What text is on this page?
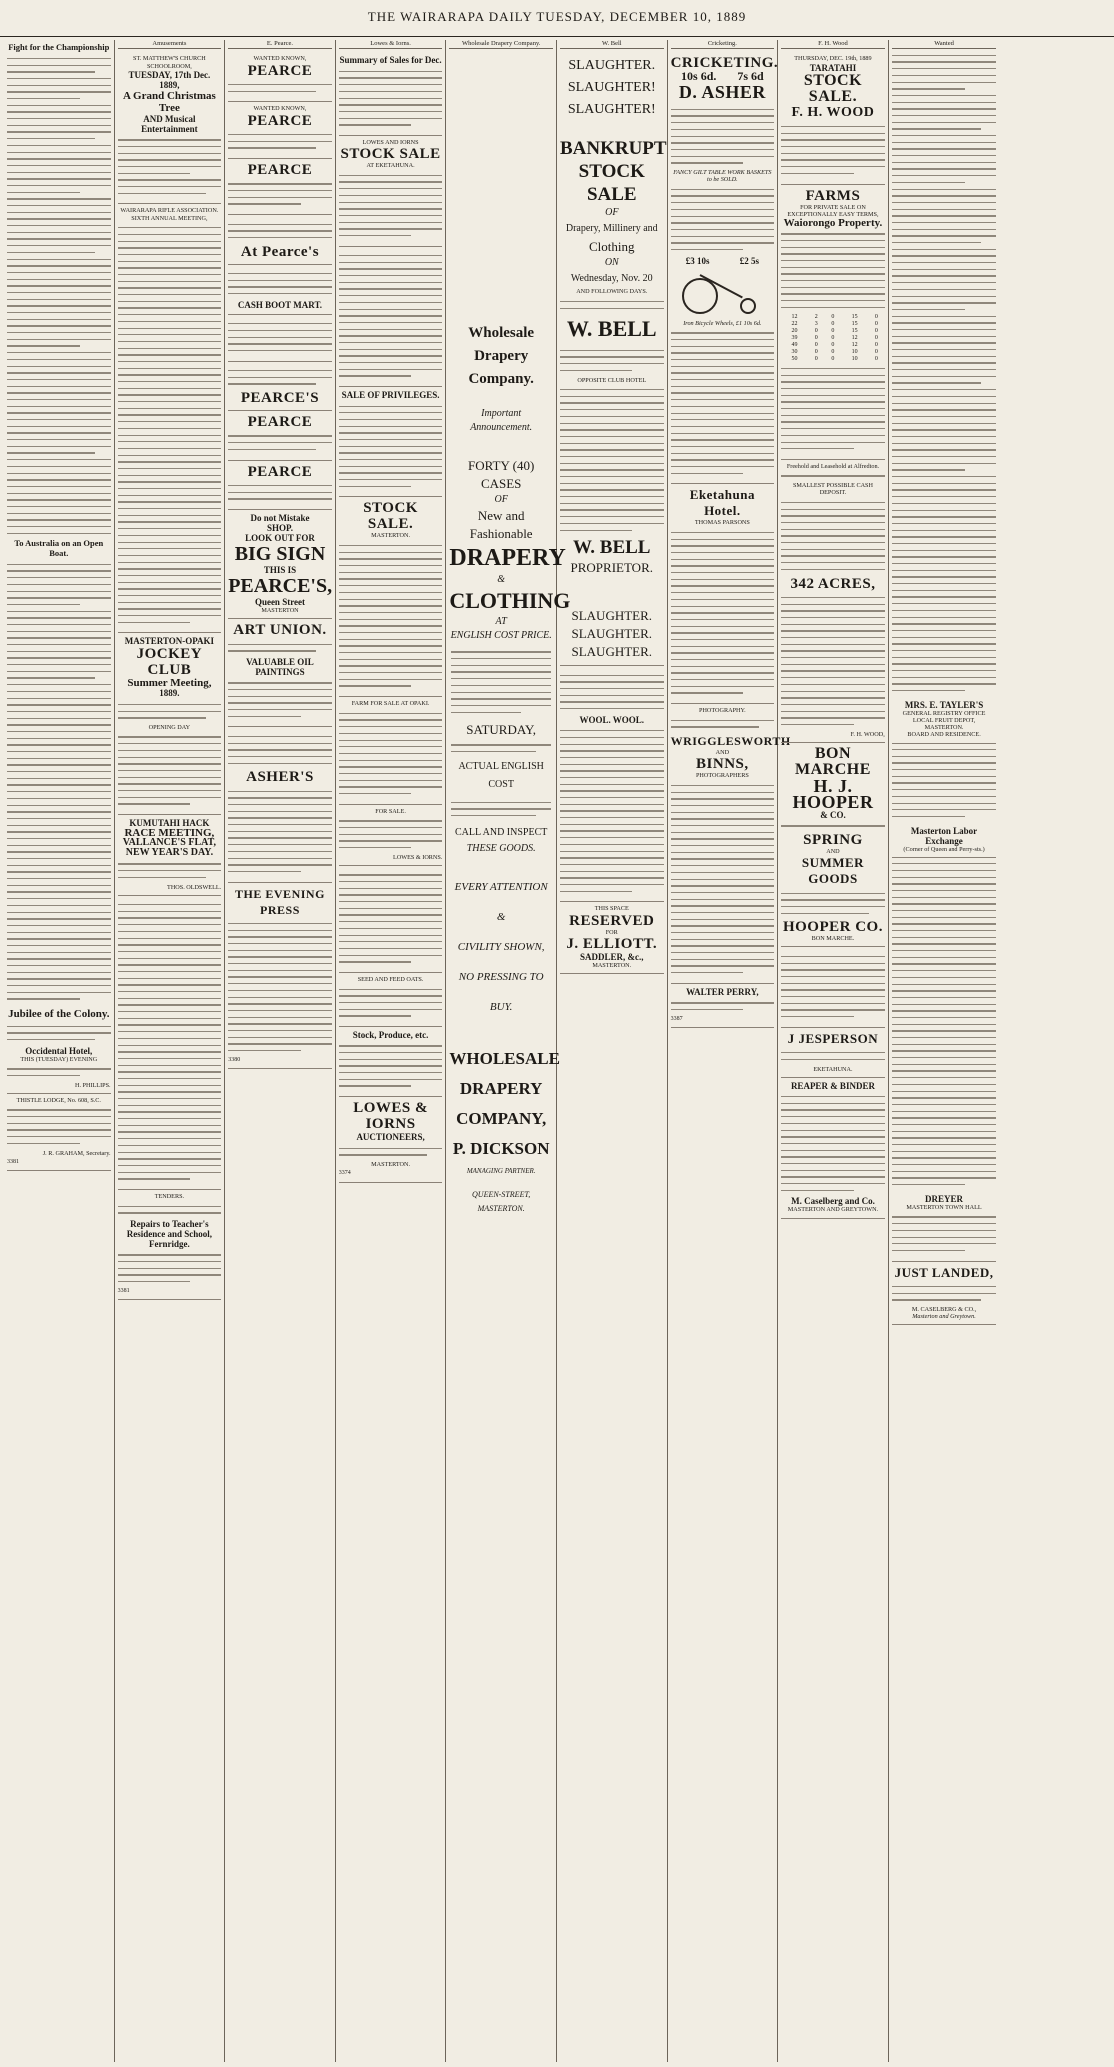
THE WAIRARAPA DAILY TUESDAY, DECEMBER 10, 1889
Fight for the Championship
To Australia on an Open Boat.
Jubilee of the Colony.
Occidental Hotel,
THIS (TUESDAY) EVENING
H. PHILLIPS.
THISTLE LODGE, No. 608, S.C.
J. R. GRAHAM, Secretary.
3381
Amusements
ST. MATTHEW'S CHURCH SCHOOLROOM,
TUESDAY, 17th Dec. 1889,
A Grand Christmas Tree
AND Musical Entertainment
WAIRARAPA RIFLE ASSOCIATION.
SIXTH ANNUAL MEETING,
MASTERTON-OPAKI
JOCKEY CLUB
Summer Meeting,
1889.
OPENING DAY
KUMUTAHI HACK
RACE MEETING,
VALLANCE'S FLAT,
NEW YEAR'S DAY.
THOS. OLDSWELL.
TENDERS.
Repairs to Teacher's Residence and School, Fernridge.
3381
E. Pearce.
WANTED KNOWN,
PEARCE
WANTED KNOWN,
PEARCE
PEARCE
At Pearce's
CASH BOOT MART.
PEARCE'S
PEARCE
PEARCE
Do not Mistake
SHOP.
LOOK OUT FOR
BIG SIGN
THIS IS
PEARCE'S,
Queen Street
MASTERTON
ART UNION.
VALUABLE OIL PAINTINGS
ASHER'S
THE EVENING PRESS
3380
Lowes & Iorns.
Summary of Sales for Dec.
LOWES AND IORNS
STOCK SALE
AT EKETAHUNA.
SALE OF PRIVILEGES.
STOCK SALE.
MASTERTON.
FARM FOR SALE AT OPAKI.
FOR SALE.
LOWES & IORNS.
SEED AND FEED OATS.
Stock, Produce, etc.
LOWES & IORNS
AUCTIONEERS,
MASTERTON.
3374
Wholesale Drapery Company.
Wholesale Drapery
Company.
Important Announcement.
FORTY (40) CASES
OF
New and Fashionable
DRAPERY
&
CLOTHING
AT
ENGLISH COST PRICE.
SATURDAY,
ACTUAL ENGLISH COST
CALL AND INSPECT
THESE GOODS.
EVERY ATTENTION &
CIVILITY SHOWN,
NO PRESSING TO BUY.
WHOLESALE
DRAPERY
COMPANY,
P. DICKSON
MANAGING PARTNER.
QUEEN-STREET,
MASTERTON.
W. Bell
SLAUGHTER.
SLAUGHTER!
SLAUGHTER!
BANKRUPT
STOCK SALE
OF
Drapery, Millinery and
Clothing
ON
Wednesday, Nov. 20
AND FOLLOWING DAYS.
W. BELL
OPPOSITE CLUB HOTEL
W. BELL
PROPRIETOR.
SLAUGHTER.
SLAUGHTER.
SLAUGHTER.
WOOL. WOOL.
THIS SPACE
RESERVED
FOR
J. ELLIOTT.
SADDLER, &c.,
MASTERTON.
Cricketing.
CRICKETING.
10s 6d. 7s 6d
D. ASHER
FANCY GILT TABLE WORK BASKETS to be SOLD.
£3 10s	£2 5s
Iron Bicycle Wheels, £1 10s 6d.
Eketahuna Hotel.
THOMAS PARSONS
PHOTOGRAPHY.
WRIGGLESWORTH
AND
BINNS,
PHOTOGRAPHERS
WALTER PERRY,
3387
F. H. Wood
THURSDAY, DEC. 19th, 1889
TARATAHI
STOCK SALE.
F. H. WOOD
FARMS
FOR PRIVATE SALE ON EXCEPTIONALLY EASY TERMS,
Waiorongo Property.
12	2	0	15	0
22	3	0	15	0
20	0	0	15	0
39	0	0	12	0
49	0	0	12	0
30	0	0	10	0
50	0	0	10	0
Freehold and Leasehold at Alfredton.
SMALLEST POSSIBLE CASH DEPOSIT.
342 ACRES,
F. H. WOOD,
BON MARCHE
H. J. HOOPER
& CO.
SPRING
AND
SUMMER GOODS
HOOPER CO.
BON MARCHE.
J JESPERSON
EKETAHUNA.
REAPER & BINDER
M. Caselberg and Co.
MASTERTON AND GREYTOWN.
Wanted
MRS. E. TAYLER'S
GENERAL REGISTRY OFFICE
LOCAL FRUIT DEPOT,
MASTERTON.
BOARD AND RESIDENCE.
Masterton Labor Exchange
(Corner of Queen and Perry-sts.)
DREYER
MASTERTON TOWN HALL
JUST LANDED,
M. CASELBERG & CO.,
Masterton and Greytown.
